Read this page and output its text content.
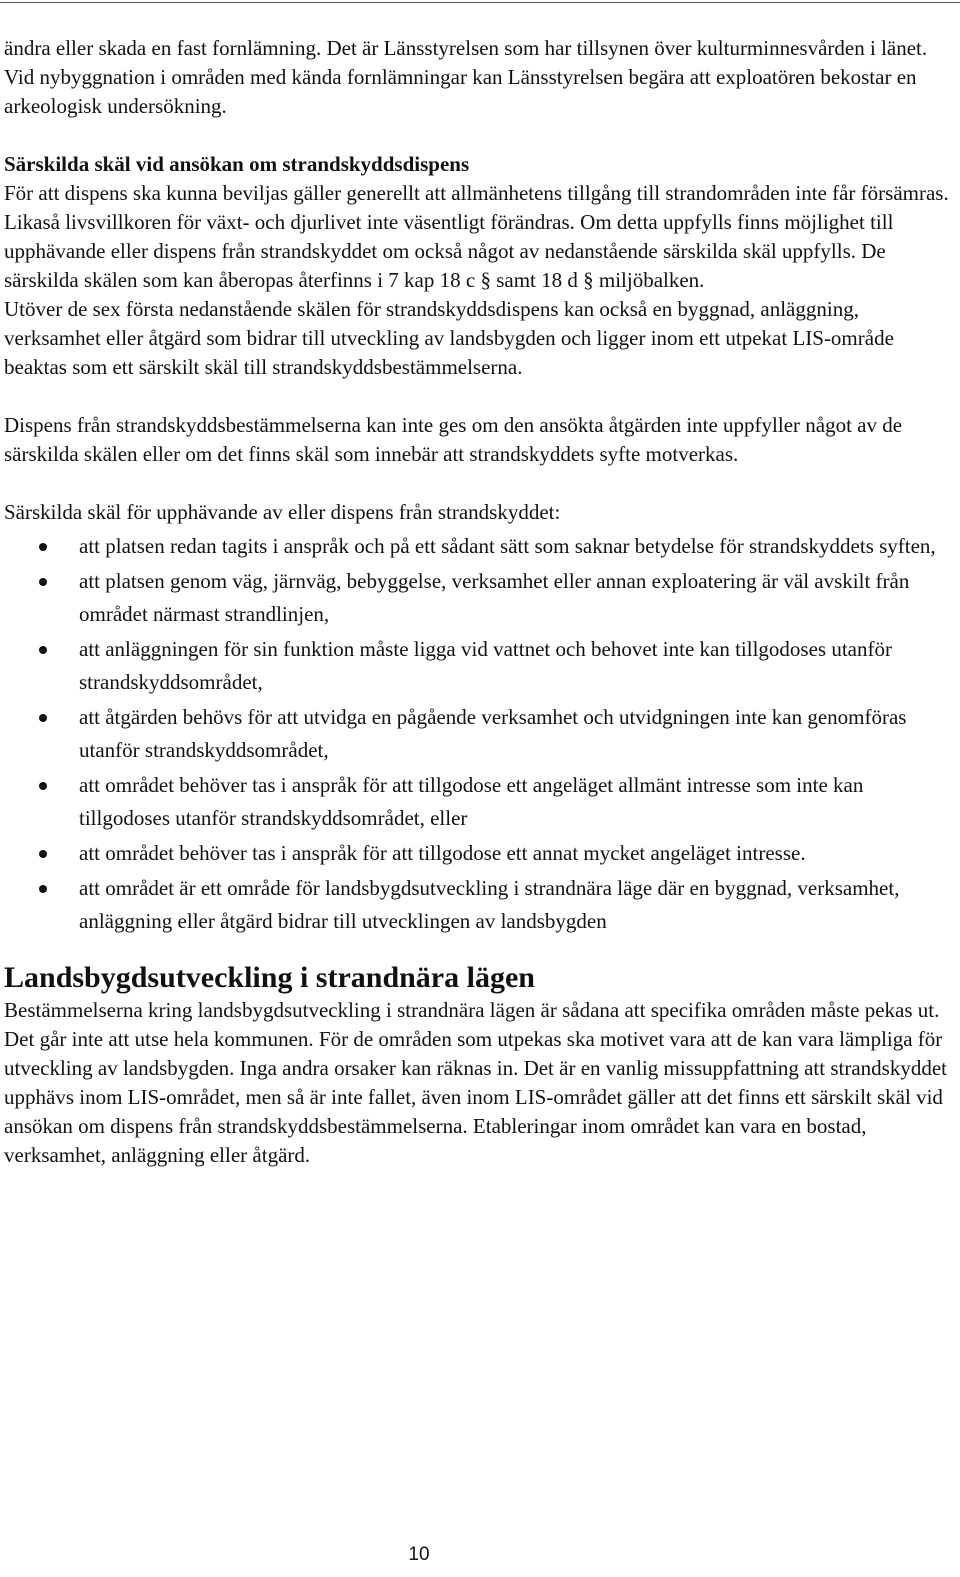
ändra eller skada en fast fornlämning. Det är Länsstyrelsen som har tillsynen över kulturminnesvården i länet. Vid nybyggnation i områden med kända fornlämningar kan Länsstyrelsen begära att exploatören bekostar en arkeologisk undersökning.

Särskilda skäl vid ansökan om strandskyddsdispens

För att dispens ska kunna beviljas gäller generellt att allmänhetens tillgång till strandområden inte får försämras. Likaså livsvillkoren för växt- och djurlivet inte väsentligt förändras. Om detta uppfylls finns möjlighet till upphävande eller dispens från strandskyddet om också något av nedanstående särskilda skäl uppfylls. De särskilda skälen som kan åberopas återfinns i 7 kap 18 c § samt 18 d § miljöbalken.

Utöver de sex första nedanstående skälen för strandskyddsdispens kan också en byggnad, anläggning, verksamhet eller åtgärd som bidrar till utveckling av landsbygden och ligger inom ett utpekat LIS-område beaktas som ett särskilt skäl till strandskyddsbestämmelserna.

Dispens från strandskyddsbestämmelserna kan inte ges om den ansökta åtgärden inte uppfyller något av de särskilda skälen eller om det finns skäl som innebär att strandskyddets syfte motverkas.

Särskilda skäl för upphävande av eller dispens från strandskyddet:

att platsen redan tagits i anspråk och på ett sådant sätt som saknar betydelse för strandskyddets syften,
att platsen genom väg, järnväg, bebyggelse, verksamhet eller annan exploatering är väl avskilt från området närmast strandlinjen,
att anläggningen för sin funktion måste ligga vid vattnet och behovet inte kan tillgodoses utanför strandskyddsområdet,
att åtgärden behövs för att utvidga en pågående verksamhet och utvidgningen inte kan genomföras utanför strandskyddsområdet,
att området behöver tas i anspråk för att tillgodose ett angeläget allmänt intresse som inte kan tillgodoses utanför strandskyddsområdet, eller
att området behöver tas i anspråk för att tillgodose ett annat mycket angeläget intresse.
att området är ett område för landsbygdsutveckling i strandnära läge där en byggnad, verksamhet, anläggning eller åtgärd bidrar till utvecklingen av landsbygden

Landsbygdsutveckling i strandnära lägen

Bestämmelserna kring landsbygdsutveckling i strandnära lägen är sådana att specifika områden måste pekas ut. Det går inte att utse hela kommunen. För de områden som utpekas ska motivet vara att de kan vara lämpliga för utveckling av landsbygden. Inga andra orsaker kan räknas in. Det är en vanlig missuppfattning att strandskyddet upphävs inom LIS-området, men så är inte fallet, även inom LIS-området gäller att det finns ett särskilt skäl vid ansökan om dispens från strandskyddsbestämmelserna. Etableringar inom området kan vara en bostad, verksamhet, anläggning eller åtgärd.

10
